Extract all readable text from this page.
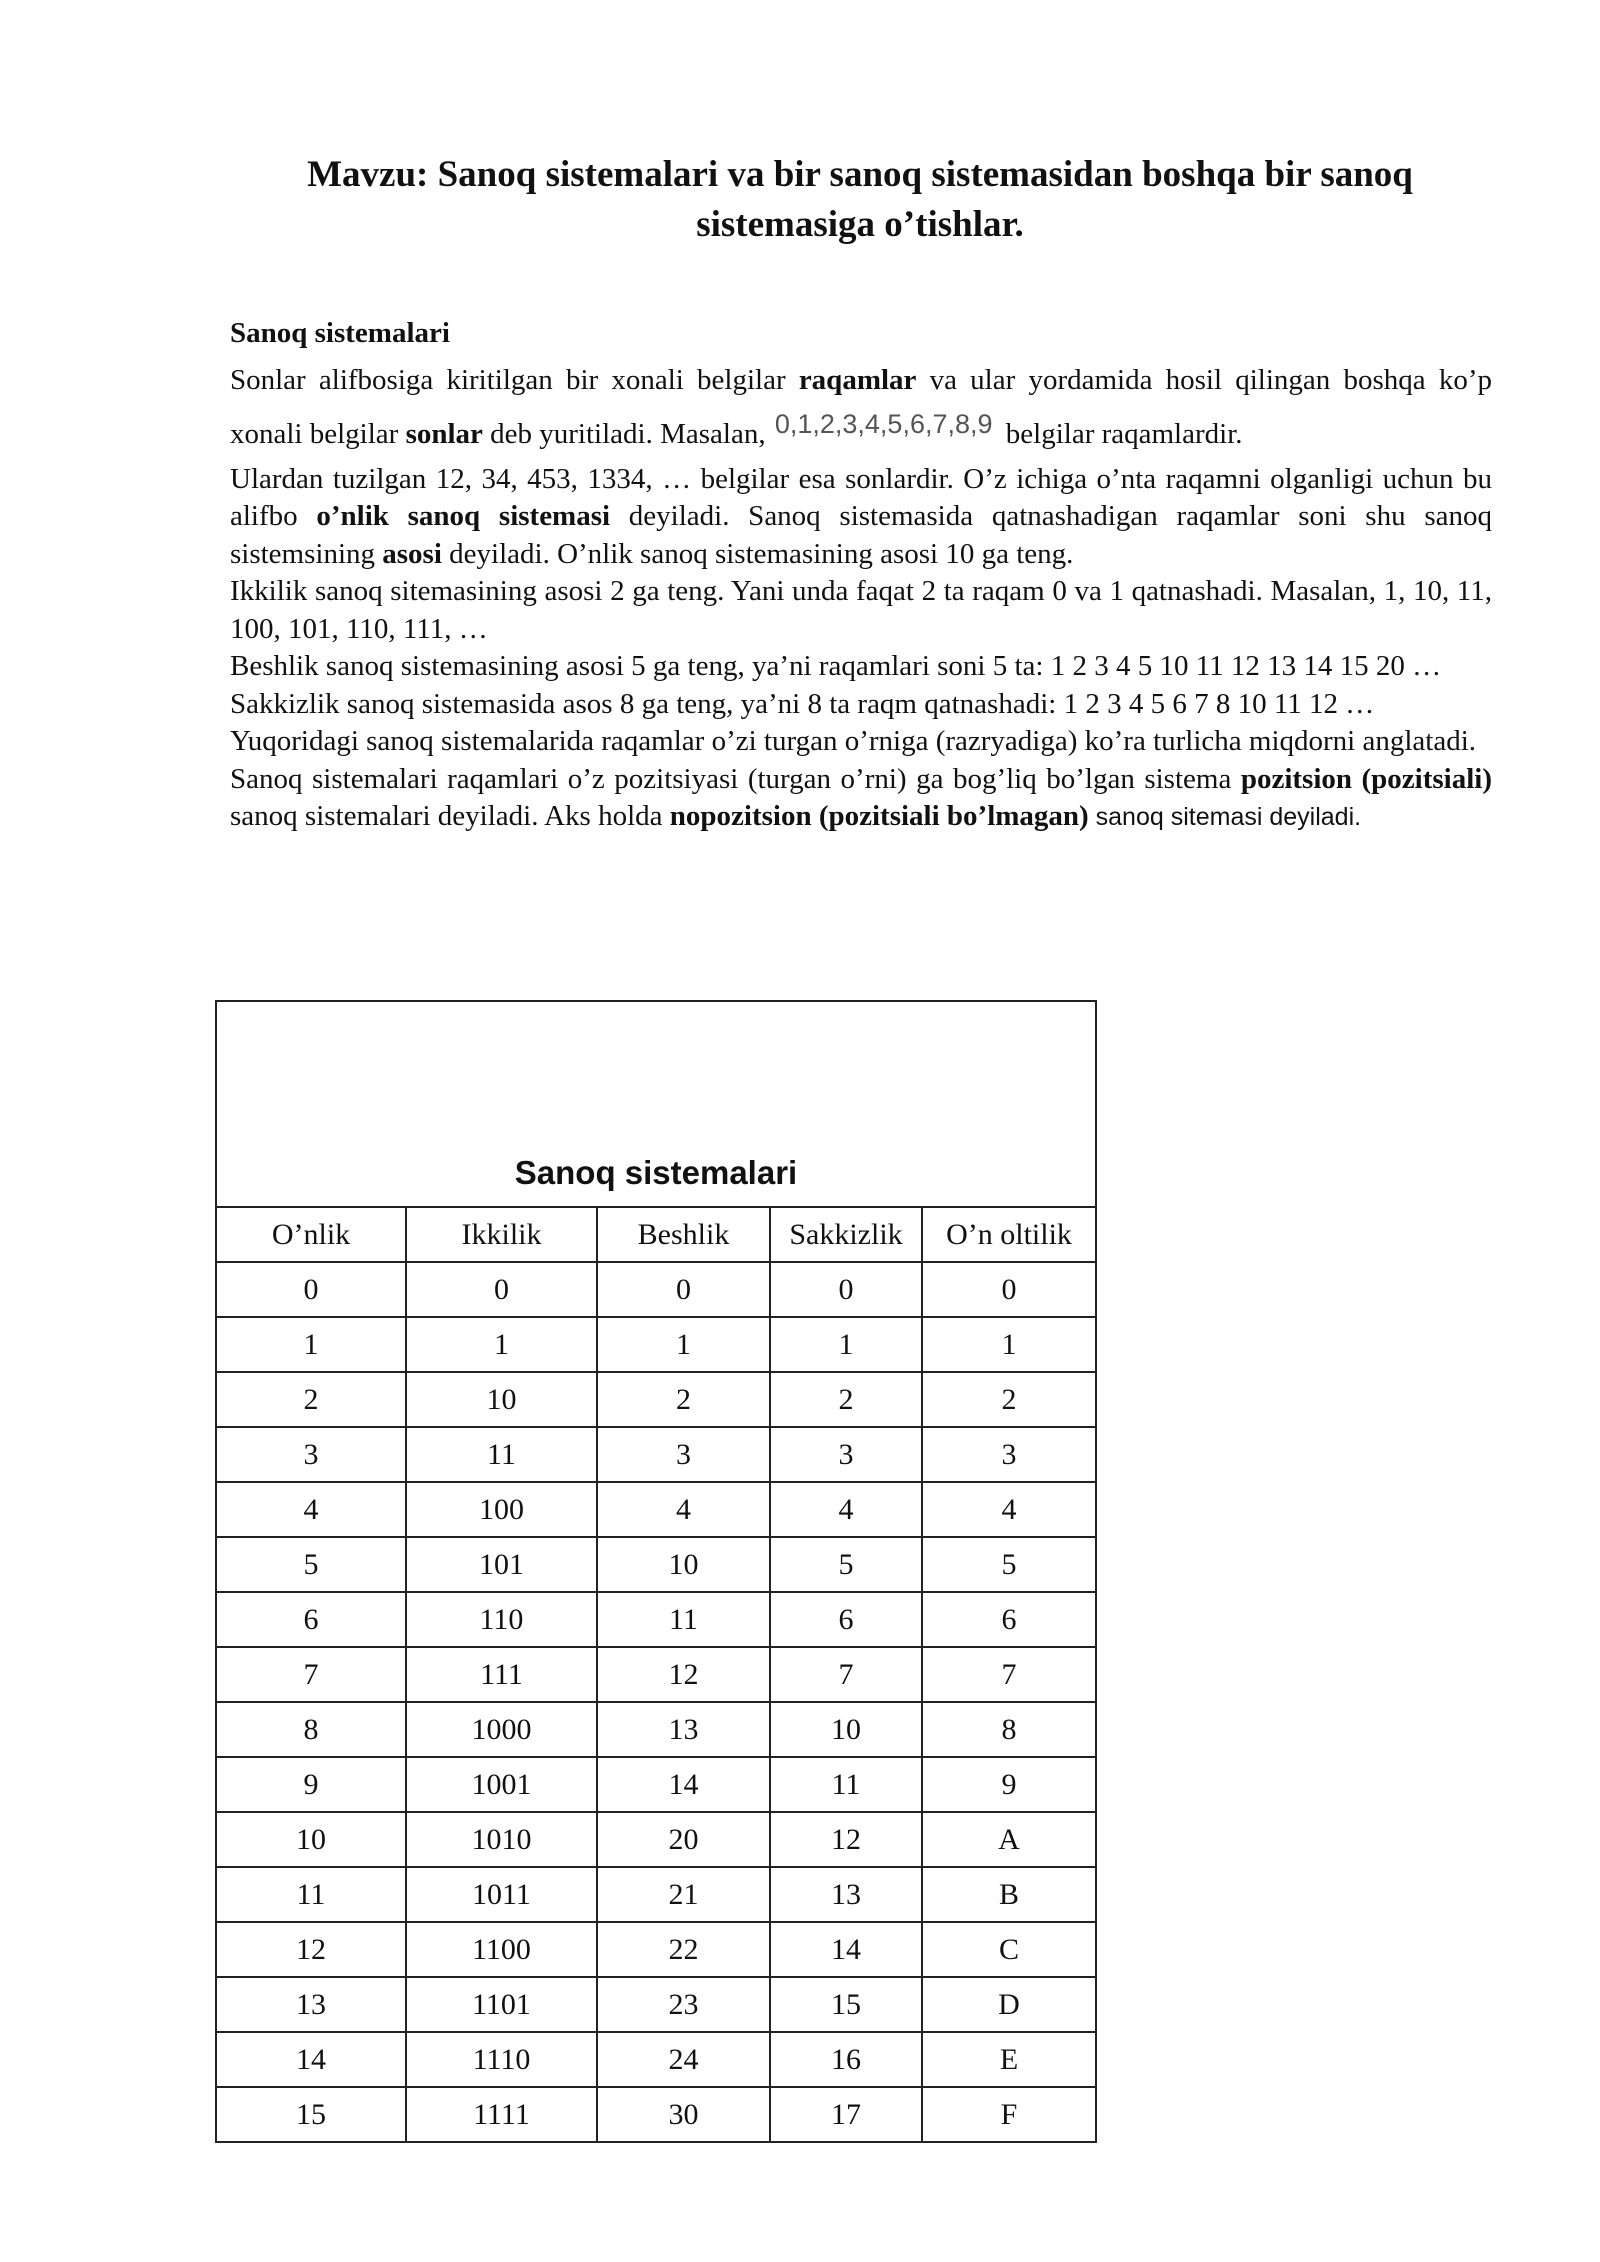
Mavzu: Sanoq sistemalari va bir sanoq sistemasidan boshqa bir sanoq sistemasiga o’tishlar.

Sanoq sistemalari

Sonlar alifbosiga kiritilgan bir xonali belgilar raqamlar va ular yordamida hosil qilingan boshqa ko’p xonali belgilar sonlar deb yuritiladi. Masalan, 0,1,2,3,4,5,6,7,8,9 belgilar raqamlardir.

Ulardan tuzilgan 12, 34, 453, 1334, … belgilar esa sonlardir. O’z ichiga o’nta raqamni olganligi uchun bu alifbo o’nlik sanoq sistemasi deyiladi. Sanoq sistemasida qatnashadigan raqamlar soni shu sanoq sistemsining asosi deyiladi. O’nlik sanoq sistemasining asosi 10 ga teng.

Ikkilik sanoq sitemasining asosi 2 ga teng. Yani unda faqat 2 ta raqam 0 va 1 qatnashadi. Masalan, 1, 10, 11, 100, 101, 110, 111, …

Beshlik sanoq sistemasining asosi 5 ga teng, ya’ni raqamlari soni 5 ta: 1 2 3 4 5 10 11 12 13 14 15 20 …

Sakkizlik sanoq sistemasida asos 8 ga teng, ya’ni 8 ta raqm qatnashadi: 1 2 3 4 5 6 7 8 10 11 12 …

Yuqoridagi sanoq sistemalarida raqamlar o’zi turgan o’rniga (razryadiga) ko’ra turlicha miqdorni anglatadi.

Sanoq sistemalari raqamlari o’z pozitsiyasi (turgan o’rni) ga bog’liq bo’lgan sistema pozitsion (pozitsiali) sanoq sistemalari deyiladi. Aks holda nopozitsion (pozitsiali bo’lmagan) sanoq sitemasi deyiladi.

Sanoq sistemalari				
O’nlik	Ikkilik	Beshlik	Sakkizlik	O’n oltilik
0	0	0	0	0
1	1	1	1	1
2	10	2	2	2
3	11	3	3	3
4	100	4	4	4
5	101	10	5	5
6	110	11	6	6
7	111	12	7	7
8	1000	13	10	8
9	1001	14	11	9
10	1010	20	12	A
11	1011	21	13	B
12	1100	22	14	C
13	1101	23	15	D
14	1110	24	16	E
15	1111	30	17	F
